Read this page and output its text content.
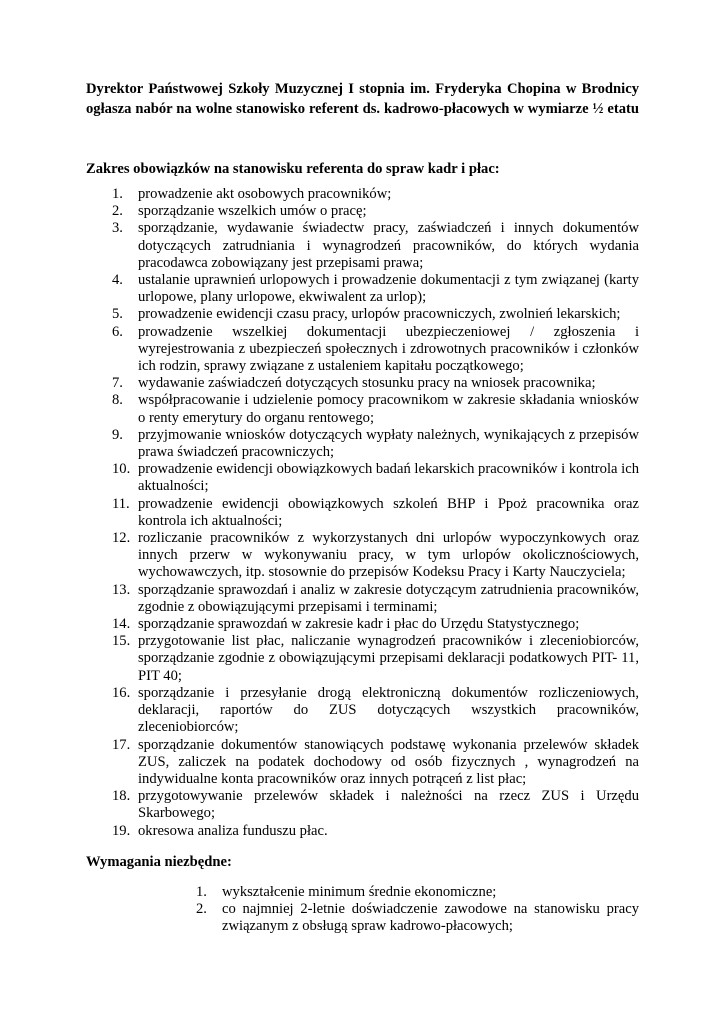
Dyrektor Państwowej Szkoły Muzycznej I stopnia im. Fryderyka Chopina w Brodnicy
ogłasza nabór na wolne stanowisko referent ds. kadrowo-płacowych w wymiarze ½ etatu
Zakres obowiązków na stanowisku referenta do spraw kadr i płac:
1. prowadzenie akt osobowych pracowników;
2. sporządzanie wszelkich umów o pracę;
3. sporządzanie, wydawanie świadectw pracy, zaświadczeń i innych dokumentów dotyczących zatrudniania i wynagrodzeń pracowników, do których wydania pracodawca zobowiązany jest przepisami prawa;
4. ustalanie uprawnień urlopowych i prowadzenie dokumentacji z tym związanej (karty urlopowe, plany urlopowe, ekwiwalent za urlop);
5. prowadzenie ewidencji czasu pracy, urlopów pracowniczych, zwolnień lekarskich;
6. prowadzenie wszelkiej dokumentacji ubezpieczeniowej / zgłoszenia i wyrejestrowania z ubezpieczeń społecznych i zdrowotnych pracowników i członków ich rodzin, sprawy związane z ustaleniem kapitału początkowego;
7. wydawanie zaświadczeń dotyczących stosunku pracy na wniosek pracownika;
8. współpracowanie i udzielenie pomocy pracownikom w zakresie składania wniosków o renty emerytury do organu rentowego;
9. przyjmowanie wniosków dotyczących wypłaty należnych, wynikających z przepisów prawa świadczeń pracowniczych;
10. prowadzenie ewidencji obowiązkowych badań lekarskich pracowników i kontrola ich aktualności;
11. prowadzenie ewidencji obowiązkowych szkoleń BHP i Ppoż pracownika oraz kontrola ich aktualności;
12. rozliczanie pracowników z wykorzystanych dni urlopów wypoczynkowych oraz innych przerw w wykonywaniu pracy, w tym urlopów okolicznościowych, wychowawczych, itp. stosownie do przepisów Kodeksu Pracy i Karty Nauczyciela;
13. sporządzanie sprawozdań i analiz w zakresie dotyczącym zatrudnienia pracowników, zgodnie z obowiązującymi przepisami i terminami;
14. sporządzanie sprawozdań w zakresie kadr i płac do Urzędu Statystycznego;
15. przygotowanie list płac, naliczanie wynagrodzeń pracowników i zleceniobiorców, sporządzanie zgodnie z obowiązującymi przepisami deklaracji podatkowych PIT- 11, PIT 40;
16. sporządzanie i przesyłanie drogą elektroniczną dokumentów rozliczeniowych, deklaracji, raportów do ZUS dotyczących wszystkich pracowników, zleceniobiorców;
17. sporządzanie dokumentów stanowiących podstawę wykonania przelewów składek ZUS, zaliczek na podatek dochodowy od osób fizycznych , wynagrodzeń na indywidualne konta pracowników oraz innych potrąceń z list płac;
18. przygotowywanie przelewów składek i należności na rzecz ZUS i Urzędu Skarbowego;
19. okresowa analiza funduszu płac.
Wymagania niezbędne:
1. wykształcenie minimum średnie ekonomiczne;
2. co najmniej 2-letnie doświadczenie zawodowe na stanowisku pracy związanym z obsługą spraw kadrowo-płacowych;
